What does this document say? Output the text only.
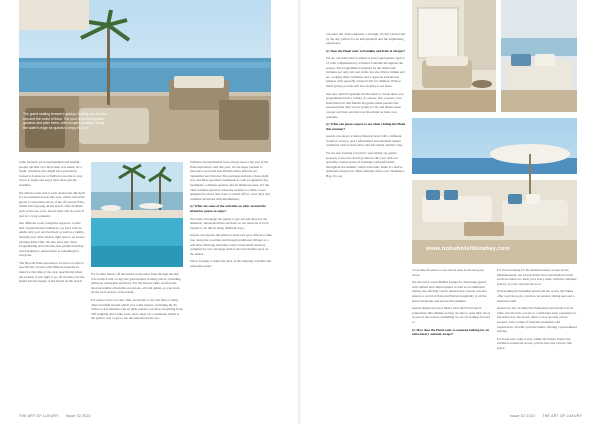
The guest seating terrace is grassy, looking out over the sea and the coast of Ibiza. The pool is set among lush gardens and palm trees, with loungers arranged along the water's edge for guests to enjoy the sun.

some fantastic pool entertainment and helpful people can find a lot more than was asked. As a result, travellers who might have previously looked to Lanzarote or Mallorca are able to stay closer to home and enjoy more than just the sunshine.

We embrace that and as such opened the 4th April for an extended season this year, which will allow guests to experience more of the off-season Ibiza, whilst still enjoying all the hotel's offer facilities such as the spa, pool, beach, kids club etc even if just for a long weekend.

Our different room categories appeal to a wide mix of generational audiences; we have both an adults only pool and bed beds as well as a family-friendly pool with cabanas right next to an award-winning Kids Club. We also have new Teen Programming and activities like paddle boarding and kayaking to ensure there is something for everyone.

The Beyond Ibiza experience we have on offer is specifically curated with different interests in mind for this time of the year, specifically when the weather is just right to go off and discover the island and the beauty of the island on the beach.

For foodies there's off the beaten track tastes from through the Old Town which will occupy the gastronomes in many places, including delicious restaurants and more. For the history buffs we have the most incredible affordable excursions, all with guides, so you learn all the local secrets of the island.

For nature lovers we also offer excursions to the salt flats or many other beautiful islands which you could explore, including the Es Vedra rock formations and its thrill seekers, we have everything from cliff jumping and e-bike tours, and a meal on a catamaran which is the perfect way to get to see the island from the sea.

Wellness and spirituality have always been a big part of the Ibiza experience, and this year, we are super pleased to introduce our brand new Holistic Ibiza Retreats for September and October. The packages include a three night stay and three specialist treatments as well as signature Spa treatments, wellness sessions and an Ominous stone. It's the ideal wellness getaway when the weather is a little cooler, designed for those that want to switch off for a few days and combine adventure with mindfulness.

Q: What are some of the activities on offer around the island for guests to enjoy?

We really encourage our guests to get out and discover the authentic, untouched Ibiza and lean on our network of local experts to do this in many different ways.

Guests can explore the island at their own pace with an e-bike tour along the coastline and through traditional villages or a self-drive Mustang adventure with a tailor-made itinerary compiled by our concierge team to the best hidden spots on the island.

Those looking to make the most of the stunning coastline and turquoise waters

THE ART OF LUXURY Issue 02 2022

can enter the cruise emission, a bit high, it's Sin Cantor land by the day, perfect for an unforgettable and fun sightseeing experience.

Q: Does the Hotel cater to Families and Kids of all ages?

We do, our Kids Club is aimed at every-aged guests aged 4-12 with complementary activities available throughout the season. The programme is inspired by the island and includes not only arts and crafts, but also Ibiza's hidden and art, cooking, Ibiza traditions and a rigorous educational balance with specially created trails for children. With so much going on, kids will love staying at our hotel.

Our new Teen Programme invites them to curate their own programmes from a variety of courses. Our courses cover Ibiza Discover and Mantis Programs make parents feel reassured that they are not going too far and means teens can get out more and discover the island on their own schedule.

Q: What can guests expect to see when visiting the Hotel this summer?

Guests can expect a luxury lifestyle hotel with a different 'barefoot' service, and a refurbished and extended design combined with an innovative and affordable, holistic vibe.

We are also looking forward to welcoming our guests properly to the new Rooftop Terrace this year with our specially curated series of evenings with performers throughout the summer which will really make it a festive destination right now. With stunning views over Talamanca Bay, it is set

www.nobuhotelibizabay.com

to become the place to see and be seen as the sun goes down.

We also have a new Bellini lounge for discerning guests with refined and cultural plates as well as an additional dining area offering a more relaxed stay. Guests can also relax in a world of Ibiza and Nobu's hospitality at all the hotel restaurants and spaces this summer.

Guests might even spot Ibiza's and Chef Toni Garcia somewhere this summer as they are due to open their doors as part of the season, something we are all looking forward to.

Q: How does the Hotel cater to someone looking for an ultra-luxury summer escape?

For those looking for the ultimate luxury escape in the Mediterranean, our Ocean Suites have personalised butler services tailored to meet your every need, with the complete privacy of your own private pool.

Overlooking the beautiful beach and the ocean, the Suites offer a private pool, a terrace, an outdoor dining area and a luxurious bath.

Guests are also in either the Penthouse, the Ocean or Pool Suite and also have access to a dedicated suite concierge for the entire stay. On board, there's a day spa that can be booked, with a range of bespoke treatments and experiences, all with a private butler, offering a personalised holiday.

For those who want to stay within the Suites, there's the exclusive restaurant access, private bars and private villa space.

Issue 02 2022 THE ART OF LUXURY
